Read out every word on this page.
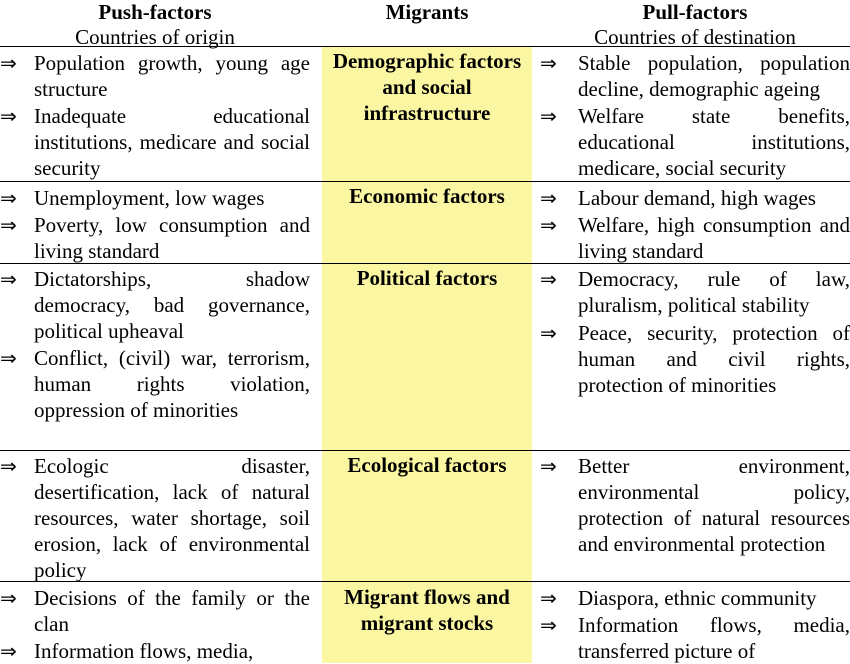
Push-factors
Countries of origin
Migrants	Pull-factors
Countries of destination
Demographic factors and social infrastructure
⇒ Population growth, young age structure
⇒ Inadequate educational institutions, medicare and social security
⇒ Stable population, population decline, demographic ageing
⇒ Welfare state benefits, educational institutions, medicare, social security
Economic factors
⇒ Unemployment, low wages
⇒ Poverty, low consumption and living standard
⇒ Labour demand, high wages
⇒ Welfare, high consumption and living standard
Political factors
⇒ Dictatorships, shadow democracy, bad governance, political upheaval
⇒ Conflict, (civil) war, terrorism, human rights violation, oppression of minorities
⇒ Democracy, rule of law, pluralism, political stability
⇒ Peace, security, protection of human and civil rights, protection of minorities
Ecological factors
⇒ Ecologic disaster, desertification, lack of natural resources, water shortage, soil erosion, lack of environmental policy
⇒ Better environment, environmental policy, protection of natural resources and environmental protection
Migrant flows and migrant stocks
⇒ Decisions of the family or the clan
⇒ Information flows, media,
⇒ Diaspora, ethnic community
⇒ Information flows, media, transferred picture of
